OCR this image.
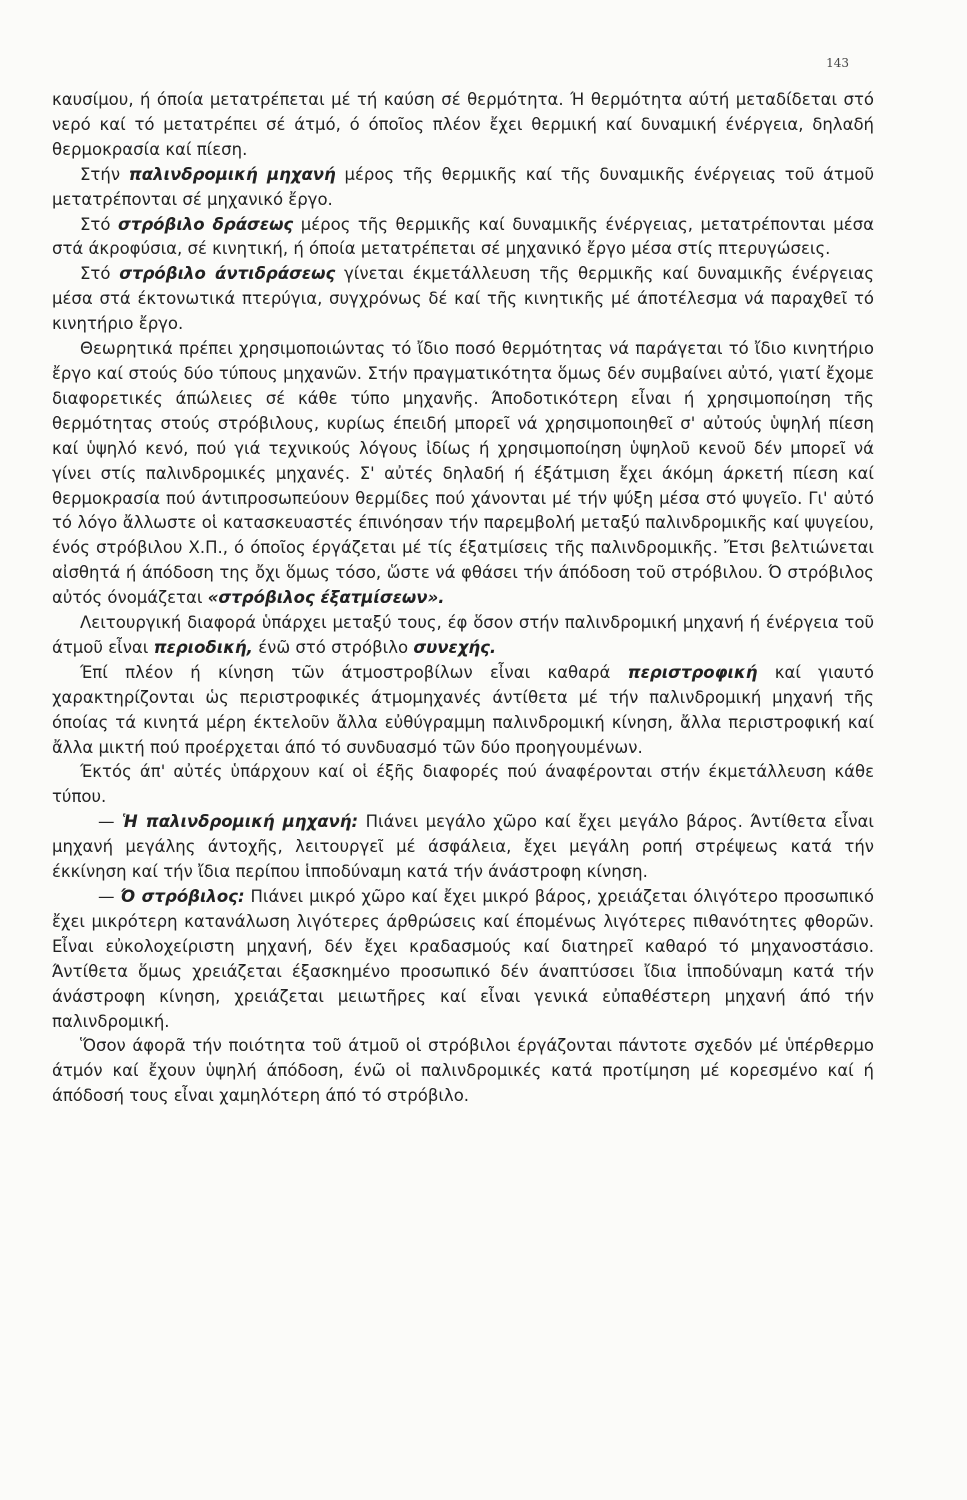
143

καυσίμου, ή όποία μετατρέπεται μέ τή καύση σέ θερμότητα. Ή θερμότητα αύτή μεταδίδεται στό νερό καί τό μετατρέπει σέ άτμό, ό όποῖος πλέον ἔχει θερμική καί δυναμική ένέργεια, δηλαδή θερμοκρασία καί πίεση.

Στήν παλινδρομική μηχανή μέρος τῆς θερμικῆς καί τῆς δυναμικῆς ένέργειας τοῦ άτμοῦ μετατρέπονται σέ μηχανικό ἔργο.

Στό στρόβιλο δράσεως μέρος τῆς θερμικῆς καί δυναμικῆς ένέργειας, μετατρέπονται μέσα στά άκροφύσια, σέ κινητική, ή όποία μετατρέπεται σέ μηχανικό ἔργο μέσα στίς πτερυγώσεις.

Στό στρόβιλο άντιδράσεως γίνεται έκμετάλλευση τῆς θερμικῆς καί δυναμικῆς ένέργειας μέσα στά έκτονωτικά πτερύγια, συγχρόνως δέ καί τῆς κινητικῆς μέ άποτέλεσμα νά παραχθεῖ τό κινητήριο ἔργο.

Θεωρητικά πρέπει χρησιμοποιώντας τό ἴδιο ποσό θερμότητας νά παράγεται τό ἴδιο κινητήριο ἔργο καί στούς δύο τύπους μηχανῶν. Στήν πραγματικότητα ὅμως δέν συμβαίνει αὐτό, γιατί ἔχομε διαφορετικές άπώλειες σέ κάθε τύπο μηχανῆς. Άποδοτικότερη εἶναι ή χρησιμοποίηση τῆς θερμότητας στούς στρόβιλους, κυρίως έπειδή μπορεῖ νά χρησιμοποιηθεῖ σ' αὐτούς ὑψηλή πίεση καί ὑψηλό κενό, πού γιά τεχνικούς λόγους ἰδίως ή χρησιμοποίηση ὑψηλοῦ κενοῦ δέν μπορεῖ νά γίνει στίς παλινδρομικές μηχανές. Σ' αὐτές δηλαδή ή έξάτμιση ἔχει άκόμη άρκετή πίεση καί θερμοκρασία πού άντιπροσωπεύουν θερμίδες πού χάνονται μέ τήν ψύξη μέσα στό ψυγεῖο. Γι' αὐτό τό λόγο ἄλλωστε οἱ κατασκευαστές έπινόησαν τήν παρεμβολή μεταξύ παλινδρομικῆς καί ψυγείου, ένός στρόβιλου Χ.Π., ό όποῖος έργάζεται μέ τίς έξατμίσεις τῆς παλινδρομικῆς. Ἔτσι βελτιώνεται αἰσθητά ή άπόδοση της ὄχι ὅμως τόσο, ὥστε νά φθάσει τήν άπόδοση τοῦ στρόβιλου. Ό στρόβιλος αὐτός όνομάζεται «στρόβιλος έξατμίσεων».

Λειτουργική διαφορά ὑπάρχει μεταξύ τους, έφ ὅσον στήν παλινδρομική μηχανή ή ένέργεια τοῦ άτμοῦ εἶναι περιοδική, ένῶ στό στρόβιλο συνεχής.

Έπί πλέον ή κίνηση τῶν άτμοστροβίλων εἶναι καθαρά περιστροφική καί γιαυτό χαρακτηρίζονται ὡς περιστροφικές άτμομηχανές άντίθετα μέ τήν παλινδρομική μηχανή τῆς όποίας τά κινητά μέρη έκτελοῦν ἄλλα εὐθύγραμμη παλινδρομική κίνηση, ἄλλα περιστροφική καί ἄλλα μικτή πού προέρχεται άπό τό συνδυασμό τῶν δύο προηγουμένων.

Έκτός άπ' αὐτές ὑπάρχουν καί οἱ έξῆς διαφορές πού άναφέρονται στήν έκμετάλλευση κάθε τύπου.

— Ἡ παλινδρομική μηχανή: Πιάνει μεγάλο χῶρο καί ἔχει μεγάλο βάρος. Άντίθετα εἶναι μηχανή μεγάλης άντοχῆς, λειτουργεῖ μέ άσφάλεια, ἔχει μεγάλη ροπή στρέψεως κατά τήν έκκίνηση καί τήν ἴδια περίπου ἱπποδύναμη κατά τήν άνάστροφη κίνηση.

— Ό στρόβιλος: Πιάνει μικρό χῶρο καί ἔχει μικρό βάρος, χρειάζεται όλιγότερο προσωπικό ἔχει μικρότερη κατανάλωση λιγότερες άρθρώσεις καί έπομένως λιγότερες πιθανότητες φθορῶν. Εἶναι εὐκολοχείριστη μηχανή, δέν ἔχει κραδασμούς καί διατηρεῖ καθαρό τό μηχανοστάσιο. Άντίθετα ὅμως χρειάζεται έξασκημένο προσωπικό δέν άναπτύσσει ἴδια ἱπποδύναμη κατά τήν άνάστροφη κίνηση, χρειάζεται μειωτῆρες καί εἶναι γενικά εὐπαθέστερη μηχανή άπό τήν παλινδρομική.

Ὅσον άφορᾶ τήν ποιότητα τοῦ άτμοῦ οἱ στρόβιλοι έργάζονται πάντοτε σχεδόν μέ ὑπέρθερμο άτμόν καί ἔχουν ὑψηλή άπόδοση, ένῶ οἱ παλινδρομικές κατά προτίμηση μέ κορεσμένο καί ή άπόδοσή τους εἶναι χαμηλότερη άπό τό στρόβιλο.
